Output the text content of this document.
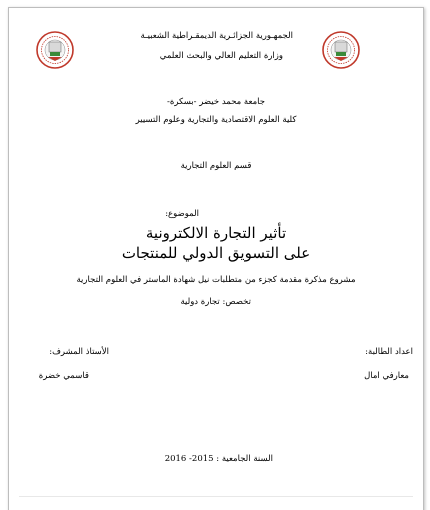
الجمهـورية الجزائـرية الديمقـراطية الشعبيـة
وزارة التعليم العالي والبحث العلمي
جامعة محمد خيضر -بسكرة-
كلية العلوم الاقتصادية والتجارية وعلوم التسيير
قسم العلوم التجارية
الموضوع:
تأثير التجارة الالكترونية
على التسويق الدولي للمنتجات
مشروع مذكرة مقدمة كجزء من متطلبات نيل شهادة الماستر في العلوم التجارية
تخصص: تجارة دولية
اعداد الطالبة:
الأستاذ المشرف:
معارفي امال
قاسمي خضرة
السنة الجامعية : 2015- 2016
